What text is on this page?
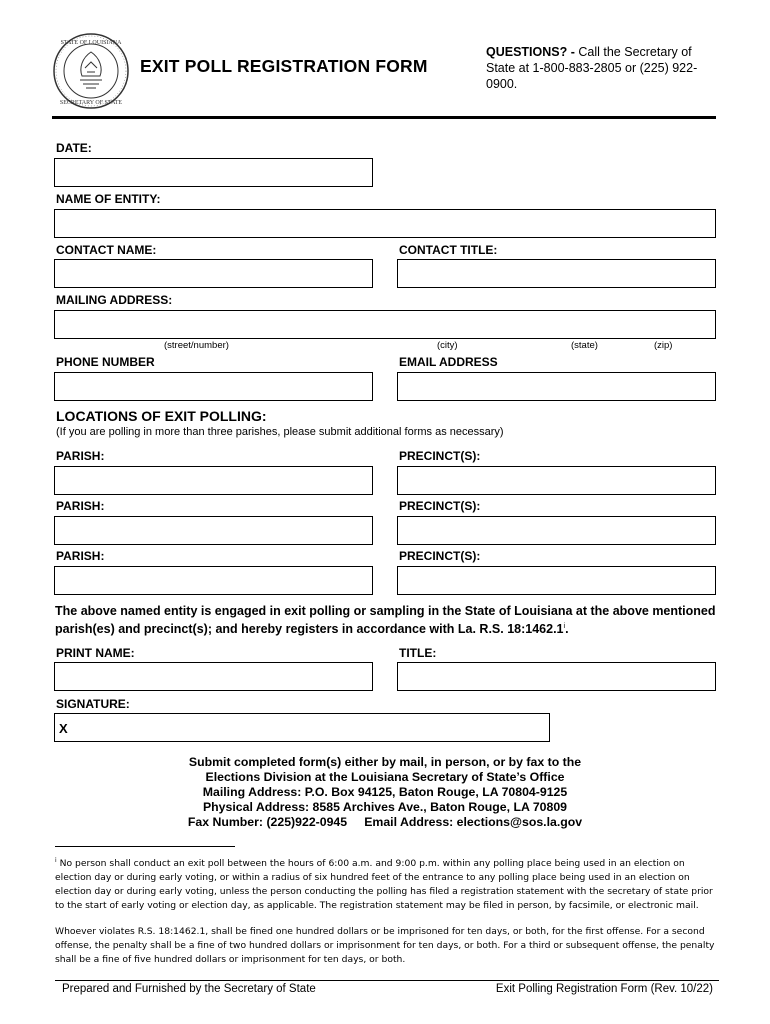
STATE OF LOUISIANA
SECRETARY OF STATE
EXIT POLL REGISTRATION FORM
QUESTIONS? - Call the Secretary of State at 1-800-883-2805 or (225) 922-0900.
DATE:
NAME OF ENTITY:
CONTACT NAME:	CONTACT TITLE:
MAILING ADDRESS:
(street/number)	(city)	(state)	(zip)
PHONE NUMBER	EMAIL ADDRESS
LOCATIONS OF EXIT POLLING:
(If you are polling in more than three parishes, please submit additional forms as necessary)
PARISH:	PRECINCT(S):
PARISH:	PRECINCT(S):
PARISH:	PRECINCT(S):
The above named entity is engaged in exit polling or sampling in the State of Louisiana at the above mentioned parish(es) and precinct(s); and hereby registers in accordance with La. R.S. 18:1462.1$^i$.
PRINT NAME:	TITLE:
SIGNATURE:
X
Submit completed form(s) either by mail, in person, or by fax to the
Elections Division at the Louisiana Secretary of State’s Office
Mailing Address: P.O. Box 94125, Baton Rouge, LA 70804-9125
Physical Address: 8585 Archives Ave., Baton Rouge, LA 70809
Fax Number: (225)922-0945     Email Address: elections@sos.la.gov
$^i$ No person shall conduct an exit poll between the hours of 6:00 a.m. and 9:00 p.m. within any polling place being used in an election on election day or during early voting, or within a radius of six hundred feet of the entrance to any polling place being used in an election on election day or during early voting, unless the person conducting the polling has filed a registration statement with the secretary of state prior to the start of early voting or election day, as applicable. The registration statement may be filed in person, by facsimile, or electronic mail.
Whoever violates R.S. 18:1462.1, shall be fined one hundred dollars or be imprisoned for ten days, or both, for the first offense. For a second offense, the penalty shall be a fine of two hundred dollars or imprisonment for ten days, or both. For a third or subsequent offense, the penalty shall be a fine of five hundred dollars or imprisonment for ten days, or both.
Prepared and Furnished by the Secretary of State	Exit Polling Registration Form (Rev. 10/22)
